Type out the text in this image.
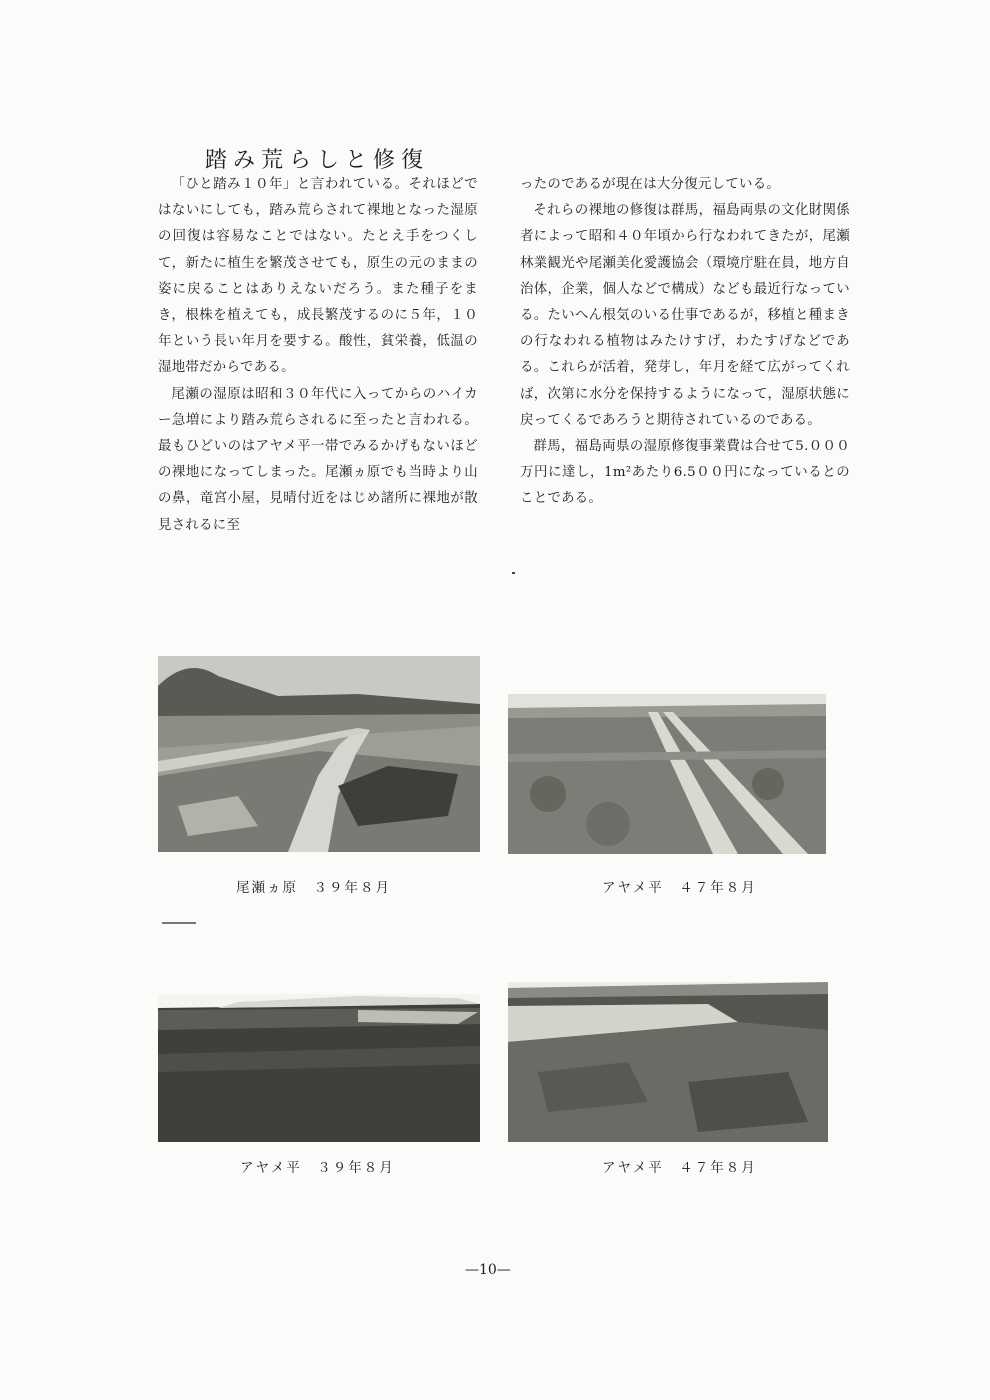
踏み荒らしと修復

「ひと踏み１０年」と言われている。それほどではないにしても，踏み荒らされて裸地となった湿原の回復は容易なことではない。たとえ手をつくして，新たに植生を繁茂させても，原生の元のままの姿に戻ることはありえないだろう。また種子をまき，根株を植えても，成長繁茂するのに５年，１０年という長い年月を要する。酸性，貧栄養，低温の湿地帯だからである。

尾瀬の湿原は昭和３０年代に入ってからのハイカー急増により踏み荒らされるに至ったと言われる。最もひどいのはアヤメ平一帯でみるかげもないほどの裸地になってしまった。尾瀬ヵ原でも当時より山の鼻，竜宮小屋，見晴付近をはじめ諸所に裸地が散見されるに至

ったのであるが現在は大分復元している。

それらの裸地の修復は群馬，福島両県の文化財関係者によって昭和４０年頃から行なわれてきたが，尾瀬林業観光や尾瀬美化愛護協会（環境庁駐在員，地方自治体，企業，個人などで構成）なども最近行なっている。たいへん根気のいる仕事であるが，移植と種まきの行なわれる植物はみたけすげ，わたすげなどである。これらが活着，発芽し，年月を経て広がってくれば，次第に水分を保持するようになって，湿原状態に戻ってくるであろうと期待されているのである。

群馬，福島両県の湿原修復事業費は合せて5.０００万円に達し，1m²あたり6.5００円になっているとのことである。

尾瀬ヵ原　３９年８月	アヤメ平　４７年８月
アヤメ平　３９年８月	アヤメ平　４７年８月
—10—
